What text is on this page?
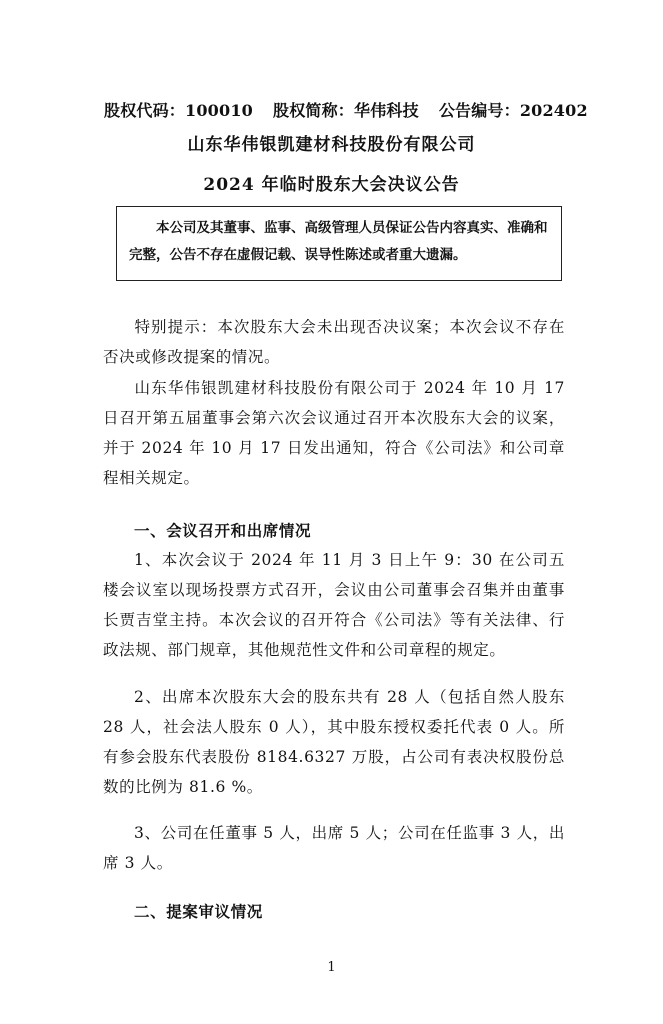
股权代码：100010 股权简称：华伟科技 公告编号：202402
山东华伟银凯建材科技股份有限公司
2024 年临时股东大会决议公告
本公司及其董事、监事、高级管理人员保证公告内容真实、准确和完整，公告不存在虚假记载、误导性陈述或者重大遗漏。
特别提示：本次股东大会未出现否决议案；本次会议不存在否决或修改提案的情况。
山东华伟银凯建材科技股份有限公司于 2024 年 10 月 17 日召开第五届董事会第六次会议通过召开本次股东大会的议案，并于 2024 年 10 月 17 日发出通知，符合《公司法》和公司章程相关规定。
一、会议召开和出席情况
1、本次会议于 2024 年 11 月 3 日上午 9：30 在公司五楼会议室以现场投票方式召开，会议由公司董事会召集并由董事长贾吉堂主持。本次会议的召开符合《公司法》等有关法律、行政法规、部门规章，其他规范性文件和公司章程的规定。
2、出席本次股东大会的股东共有 28 人（包括自然人股东 28 人，社会法人股东 0 人），其中股东授权委托代表 0 人。所有参会股东代表股份 8184.6327 万股，占公司有表决权股份总数的比例为 81.6 %。
3、公司在任董事 5 人，出席 5 人；公司在任监事 3 人，出席 3 人。
二、提案审议情况
1
